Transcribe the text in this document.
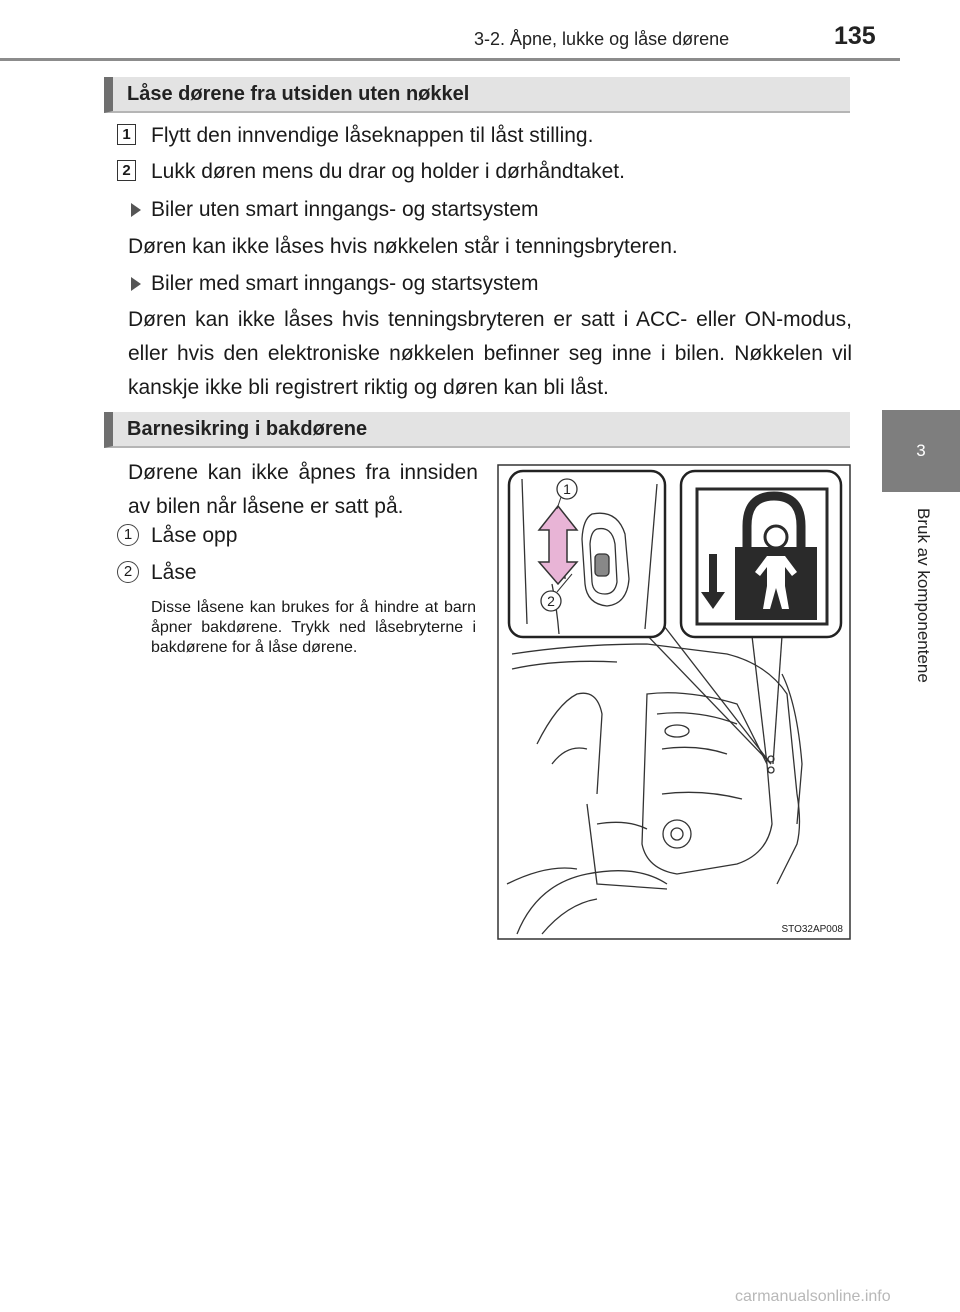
3-2. Åpne, lukke og låse dørene	135
3
Bruk av komponentene
Låse dørene fra utsiden uten nøkkel
1 Flytt den innvendige låseknappen til låst stilling.
2 Lukk døren mens du drar og holder i dørhåndtaket.
Biler uten smart inngangs- og startsystem
Døren kan ikke låses hvis nøkkelen står i tenningsbryteren.
Biler med smart inngangs- og startsystem
Døren kan ikke låses hvis tenningsbryteren er satt i ACC- eller ON-modus, eller hvis den elektroniske nøkkelen befinner seg inne i bilen. Nøkkelen vil kanskje ikke bli registrert riktig og døren kan bli låst.
Barnesikring i bakdørene
Dørene kan ikke åpnes fra innsiden av bilen når låsene er satt på.
1 Låse opp
2 Låse
Disse låsene kan brukes for å hindre at barn åpner bakdørene. Trykk ned låsebryterne i bakdørene for å låse dørene.
1
2
STO32AP008
carmanualsonline.info
